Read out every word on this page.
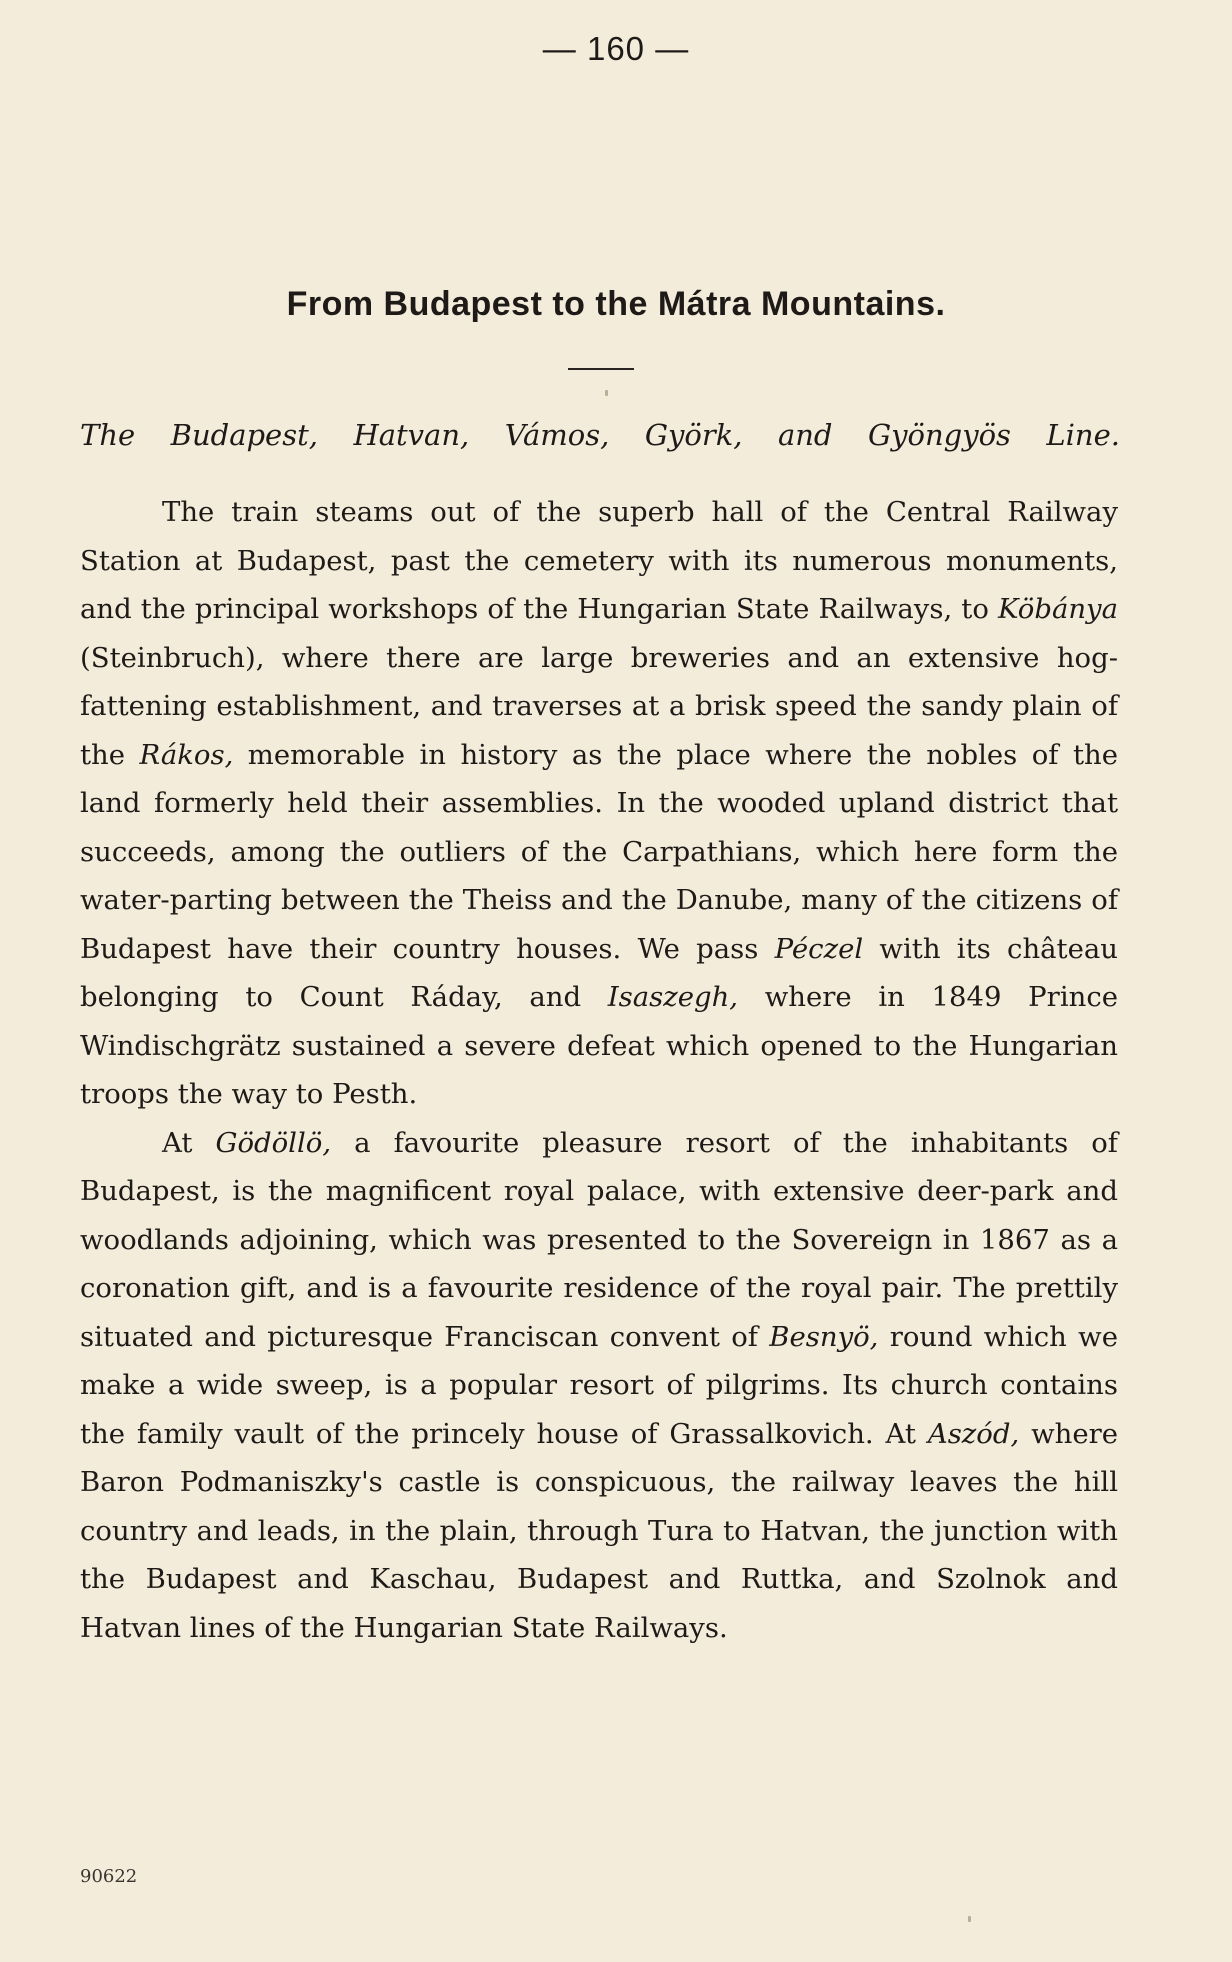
— 160 —
From Budapest to the Mátra Mountains.
The Budapest, Hatvan, Vámos, Györk, and Gyöngyös Line.

The train steams out of the superb hall of the Central Railway Station at Budapest, past the cemetery with its numerous monuments, and the principal workshops of the Hungarian State Railways, to Köbánya (Steinbruch), where there are large breweries and an extensive hog-fattening establishment, and traverses at a brisk speed the sandy plain of the Rákos, memorable in history as the place where the nobles of the land formerly held their assemblies. In the wooded upland district that succeeds, among the outliers of the Carpathians, which here form the water-parting between the Theiss and the Danube, many of the citizens of Budapest have their country houses. We pass Péczel with its château belonging to Count Ráday, and Isaszegh, where in 1849 Prince Windischgrätz sustained a severe defeat which opened to the Hungarian troops the way to Pesth.

At Gödöllö, a favourite pleasure resort of the inhabitants of Budapest, is the magnificent royal palace, with extensive deer-park and woodlands adjoining, which was presented to the Sovereign in 1867 as a coronation gift, and is a favourite residence of the royal pair. The prettily situated and picturesque Franciscan convent of Besnyö, round which we make a wide sweep, is a popular resort of pilgrims. Its church contains the family vault of the princely house of Grassalkovich. At Aszód, where Baron Podmaniszky's castle is conspicuous, the railway leaves the hill country and leads, in the plain, through Tura to Hatvan, the junction with the Budapest and Kaschau, Budapest and Ruttka, and Szolnok and Hatvan lines of the Hungarian State Railways.

90622
